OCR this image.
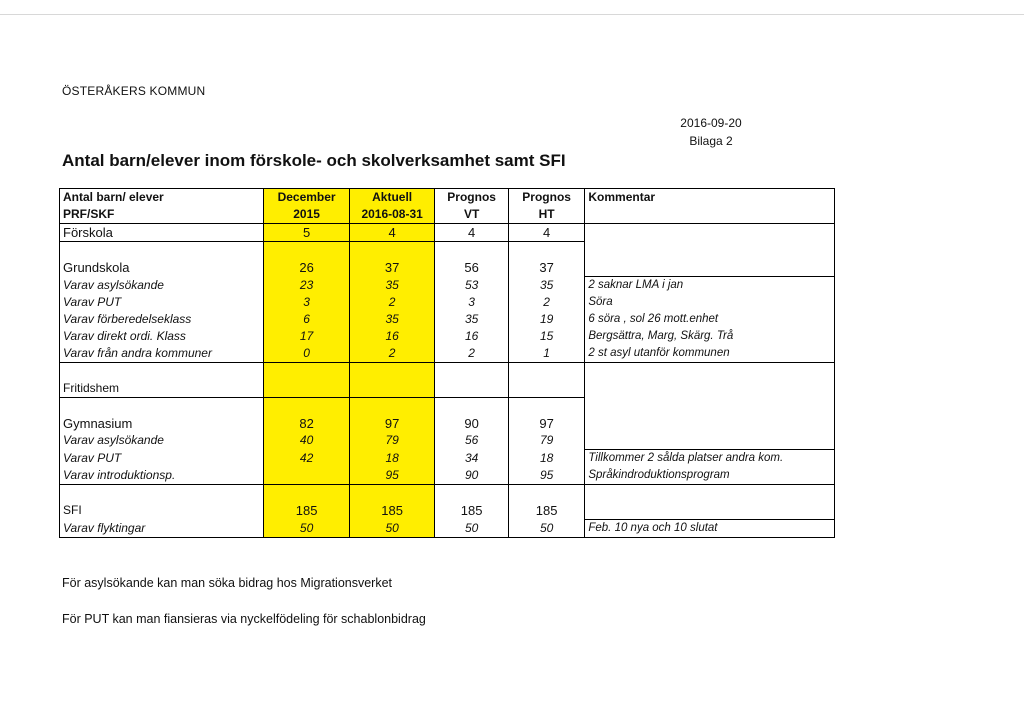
ÖSTERÅKERS KOMMUN
Antal barn/elever inom förskole- och skolverksamhet samt SFI
2016-09-20
Bilaga 2
Antal barn/ elever	December	Aktuell	Prognos	Prognos	Kommentar
PRF/SKF	2015	2016-08-31	VT	HT	
Förskola	5	4	4	4	

Grundskola	26	37	56	37	
Varav asylsökande	23	35	53	35	2 saknar LMA i jan
Varav PUT	3	2	3	2	Söra
Varav förberedelseklass	6	35	35	19	6 söra , sol 26 mott.enhet
Varav direkt ordi. Klass	17	16	16	15	Bergsättra, Marg, Skärg. Trå
Varav från andra kommuner	0	2	2	1	2 st asyl utanför kommunen

Fritidshem					

Gymnasium	82	97	90	97	
Varav asylsökande	40	79	56	79	
Varav PUT	42	18	34	18	Tillkommer 2 sålda platser andra kom.
Varav introduktionsp.		95	90	95	Språkindroduktionsprogram

SFI	185	185	185	185	
Varav flyktingar	50	50	50	50	Feb. 10 nya och 10 slutat
För asylsökande kan man söka bidrag hos Migrationsverket
För PUT kan man fiansieras via nyckelfödeling för schablonbidrag
